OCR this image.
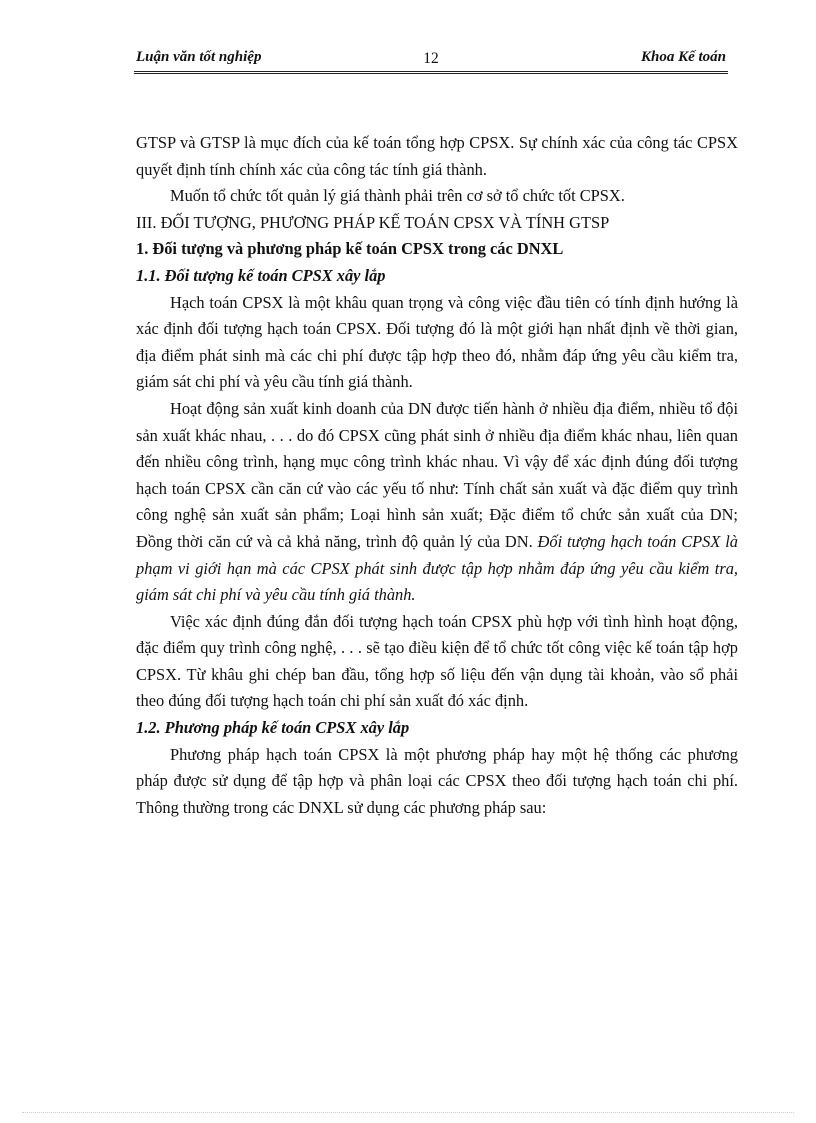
Luận văn tốt nghiệp	12	Khoa Kế toán

GTSP và GTSP là mục đích của kế toán tổng hợp CPSX. Sự chính xác của công tác CPSX quyết định tính chính xác của công tác tính giá thành.

Muốn tổ chức tốt quản lý giá thành phải trên cơ sở tổ chức tốt CPSX.

III. ĐỐI TƯỢNG, PHƯƠNG PHÁP KẾ TOÁN CPSX VÀ TÍNH GTSP

1. Đối tượng và phương pháp kế toán CPSX trong các DNXL

1.1. Đối tượng kế toán CPSX xây lắp

Hạch toán CPSX là một khâu quan trọng và công việc đầu tiên có tính định hướng là xác định đối tượng hạch toán CPSX. Đối tượng đó là một giới hạn nhất định về thời gian, địa điểm phát sinh mà các chi phí được tập hợp theo đó, nhằm đáp ứng yêu cầu kiểm tra, giám sát chi phí và yêu cầu tính giá thành.

Hoạt động sản xuất kinh doanh của DN được tiến hành ở nhiều địa điểm, nhiều tổ đội sản xuất khác nhau, . . . do đó CPSX cũng phát sinh ở nhiều địa điểm khác nhau, liên quan đến nhiều công trình, hạng mục công trình khác nhau. Vì vậy để xác định đúng đối tượng hạch toán CPSX cần căn cứ vào các yếu tố như: Tính chất sản xuất và đặc điểm quy trình công nghệ sản xuất sản phẩm; Loại hình sản xuất; Đặc điểm tổ chức sản xuất của DN; Đồng thời căn cứ và cả khả năng, trình độ quản lý của DN. Đối tượng hạch toán CPSX là phạm vi giới hạn mà các CPSX phát sinh được tập hợp nhằm đáp ứng yêu cầu kiểm tra, giám sát chi phí và yêu cầu tính giá thành.

Việc xác định đúng đắn đối tượng hạch toán CPSX phù hợp với tình hình hoạt động, đặc điểm quy trình công nghệ, . . . sẽ tạo điều kiện để tổ chức tốt công việc kế toán tập hợp CPSX. Từ khâu ghi chép ban đầu, tổng hợp số liệu đến vận dụng tài khoản, vào sổ phải theo đúng đối tượng hạch toán chi phí sản xuất đó xác định.

1.2. Phương pháp kế toán CPSX xây lắp

Phương pháp hạch toán CPSX là một phương pháp hay một hệ thống các phương pháp được sử dụng để tập hợp và phân loại các CPSX theo đối tượng hạch toán chi phí. Thông thường trong các DNXL sử dụng các phương pháp sau:
